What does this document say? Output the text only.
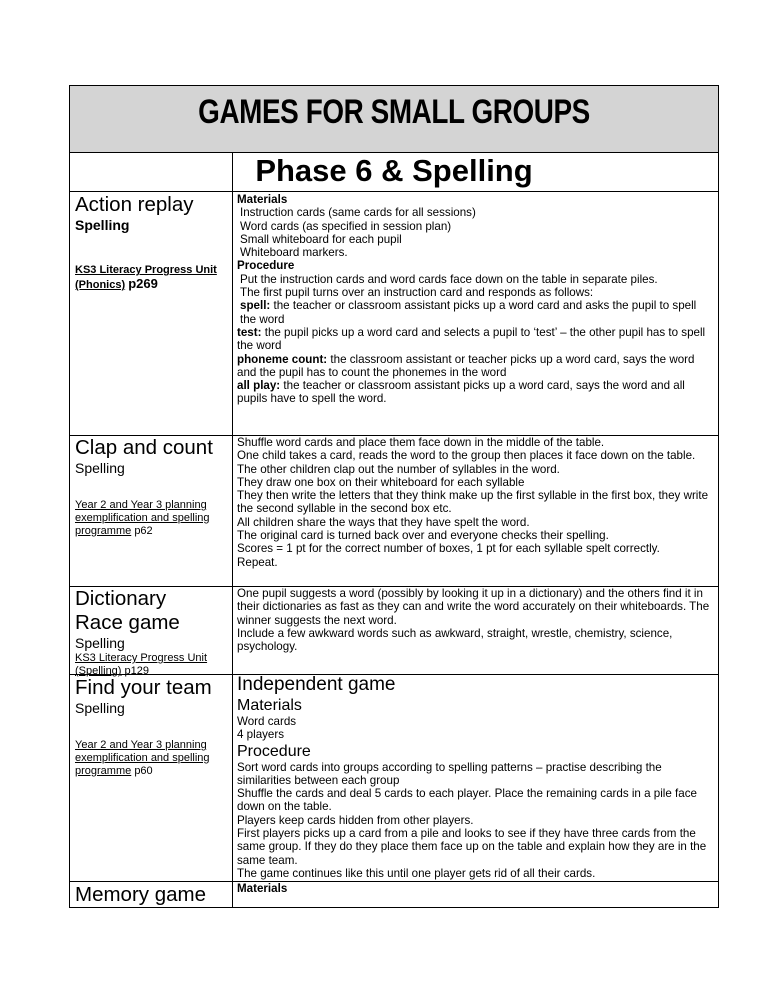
GAMES FOR SMALL GROUPS
Phase 6 & Spelling

Action replay

Spelling

KS3 Literacy Progress Unit (Phonics) p269

Materials

Instruction cards (same cards for all sessions)

Word cards (as specified in session plan)

Small whiteboard for each pupil

Whiteboard markers.

Procedure

Put the instruction cards and word cards face down on the table in separate piles.

The first pupil turns over an instruction card and responds as follows:

spell: the teacher or classroom assistant picks up a word card and asks the pupil to spell the word

test: the pupil picks up a word card and selects a pupil to ‘test’ – the other pupil has to spell the word

phoneme count: the classroom assistant or teacher picks up a word card, says the word and the pupil has to count the phonemes in the word

all play: the teacher or classroom assistant picks up a word card, says the word and all pupils have to spell the word.

Clap and count

Spelling

Year 2 and Year 3 planning exemplification and spelling programme p62

Shuffle word cards and place them face down in the middle of the table.

One child takes a card, reads the word to the group then places it face down on the table.

The other children clap out the number of syllables in the word.

They draw one box on their whiteboard for each syllable

They then write the letters that they think make up the first syllable in the first box, they write the second syllable in the second box etc.

All children share the ways that they have spelt the word.

The original card is turned back over and everyone checks their spelling.

Scores = 1 pt for the correct number of boxes, 1 pt for each syllable spelt correctly.

Repeat.

Dictionary

Race game

Spelling

KS3 Literacy Progress Unit (Spelling) p129

One pupil suggests a word (possibly by looking it up in a dictionary) and the others find it in their dictionaries as fast as they can and write the word accurately on their whiteboards. The winner suggests the next word.

Include a few awkward words such as awkward, straight, wrestle, chemistry, science, psychology.

Find your team

Spelling

Year 2 and Year 3 planning exemplification and spelling programme p60

Independent game

Materials

Word cards

4 players

Procedure

Sort word cards into groups according to spelling patterns – practise describing the similarities between each group

Shuffle the cards and deal 5 cards to each player. Place the remaining cards in a pile face down on the table.

Players keep cards hidden from other players.

First players picks up a card from a pile and looks to see if they have three cards from the same group. If they do they place them face up on the table and explain how they are in the same team.

The game continues like this until one player gets rid of all their cards.

Memory game	Materials
